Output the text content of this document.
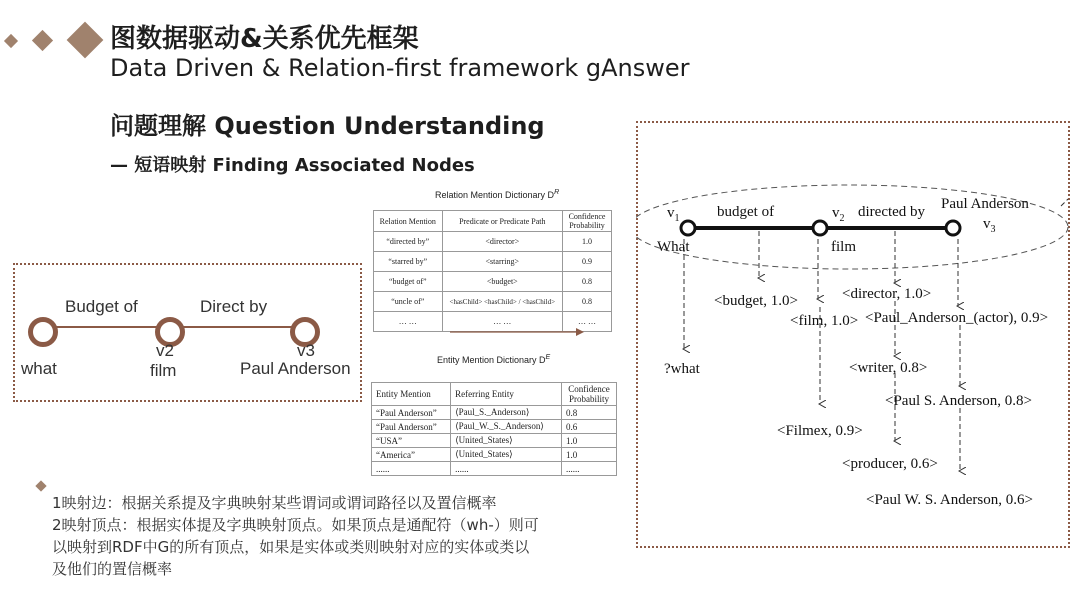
图数据驱动&关系优先框架
Data Driven & Relation-first framework gAnswer
问题理解 Question Understanding
— 短语映射 Finding Associated Nodes
Budget of	Direct by
what
v2
film
v3
Paul Anderson
Relation Mention Dictionary $D^R$
Relation Mention	Predicate or Predicate Path	Confidence Probability
“directed by”	<director>	1.0
“starred by”	<starring>	0.9
“budget of”	<budget>	0.8
“uncle of”	<hasChild> <hasChild> / <hasChild>	0.8
… …	… …	… …
Entity Mention Dictionary $D^E$
Entity Mention	Referring Entity	Confidence Probability
“Paul Anderson”	⟨Paul_S._Anderson⟩	0.8
“Paul Anderson”	⟨Paul_W._S._Anderson⟩	0.6
“USA”	⟨United_States⟩	1.0
“America”	⟨United_States⟩	1.0
......	......	......
$v_1$
What
budget of	$v_2$
film
directed by Paul Anderson
$v_3$
?what
<budget, 1.0>
<film, 1.0>
<Filmex, 0.9>
<director, 1.0>
<writer, 0.8>
<producer, 0.6>
<Paul_Anderson_(actor), 0.9>
<Paul S. Anderson, 0.8>
<Paul W. S. Anderson, 0.6>
1映射边：根据关系提及字典映射某些谓词或谓词路径以及置信概率
2映射顶点：根据实体提及字典映射顶点。如果顶点是通配符（wh-）则可
以映射到RDF中G的所有顶点，如果是实体或类则映射对应的实体或类以
及他们的置信概率
